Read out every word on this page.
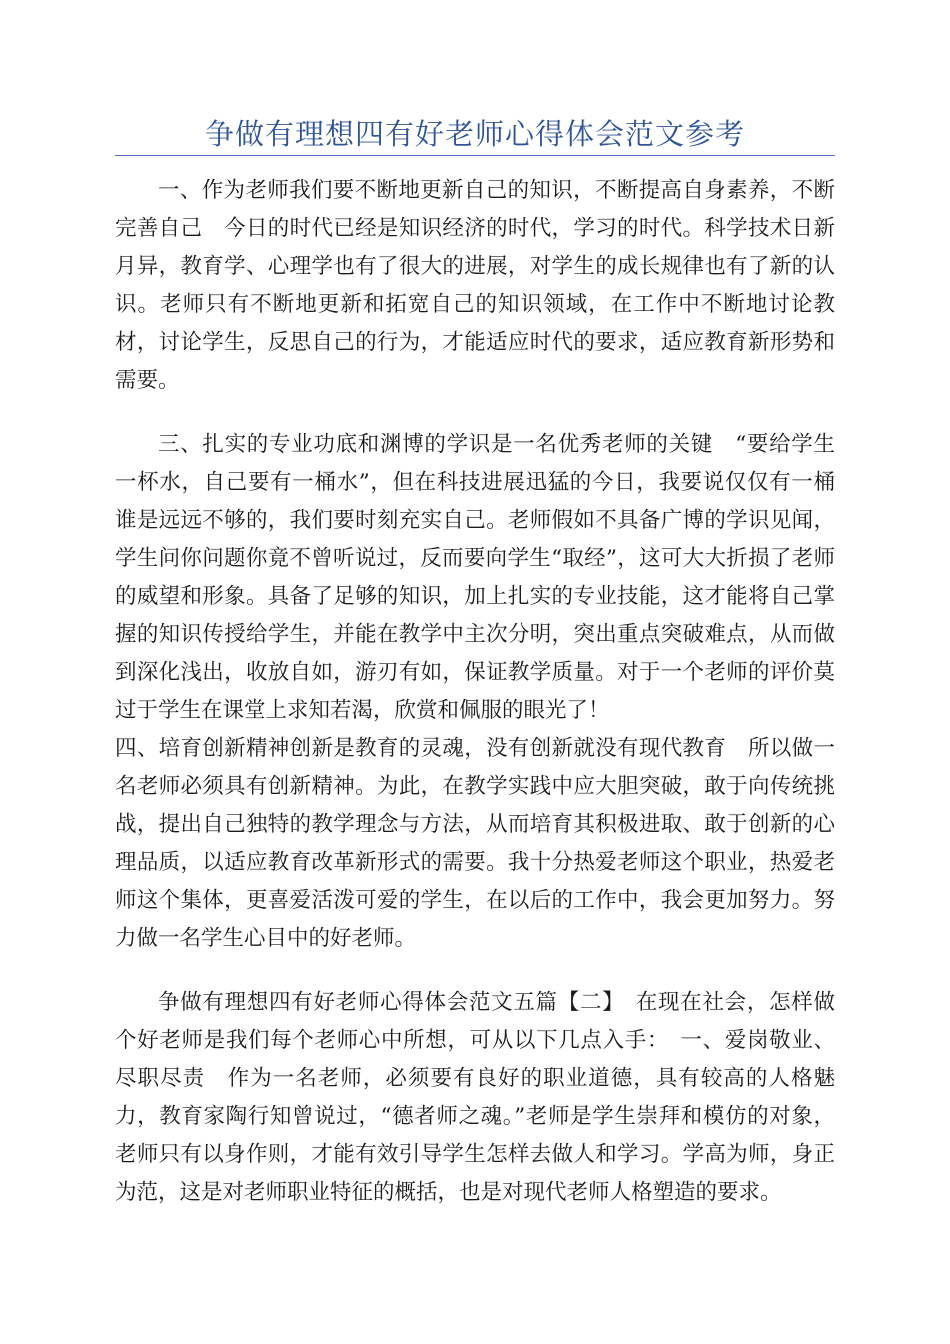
争做有理想四有好老师心得体会范文参考

一、作为老师我们要不断地更新自己的知识，不断提高自身素养，不断完善自己　今日的时代已经是知识经济的时代，学习的时代。科学技术日新月异，教育学、心理学也有了很大的进展，对学生的成长规律也有了新的认识。老师只有不断地更新和拓宽自己的知识领域，在工作中不断地讨论教材，讨论学生，反思自己的行为，才能适应时代的要求，适应教育新形势和需要。

三、扎实的专业功底和渊博的学识是一名优秀老师的关键　“要给学生一杯水，自己要有一桶水”，但在科技进展迅猛的今日，我要说仅仅有一桶谁是远远不够的，我们要时刻充实自己。老师假如不具备广博的学识见闻，学生问你问题你竟不曾听说过，反而要向学生“取经”，这可大大折损了老师的威望和形象。具备了足够的知识，加上扎实的专业技能，这才能将自己掌握的知识传授给学生，并能在教学中主次分明，突出重点突破难点，从而做到深化浅出，收放自如，游刃有如，保证教学质量。对于一个老师的评价莫过于学生在课堂上求知若渴，欣赏和佩服的眼光了！

四、培育创新精神创新是教育的灵魂，没有创新就没有现代教育　所以做一名老师必须具有创新精神。为此，在教学实践中应大胆突破，敢于向传统挑战，提出自己独特的教学理念与方法，从而培育其积极进取、敢于创新的心理品质，以适应教育改革新形式的需要。我十分热爱老师这个职业，热爱老师这个集体，更喜爱活泼可爱的学生，在以后的工作中，我会更加努力。努力做一名学生心目中的好老师。

争做有理想四有好老师心得体会范文五篇【二】　在现在社会，怎样做个好老师是我们每个老师心中所想，可从以下几点入手：　一、爱岗敬业、尽职尽责　作为一名老师，必须要有良好的职业道德，具有较高的人格魅力，教育家陶行知曾说过，“德者师之魂。”老师是学生崇拜和模仿的对象，老师只有以身作则，才能有效引导学生怎样去做人和学习。学高为师，身正为范，这是对老师职业特征的概括，也是对现代老师人格塑造的要求。
